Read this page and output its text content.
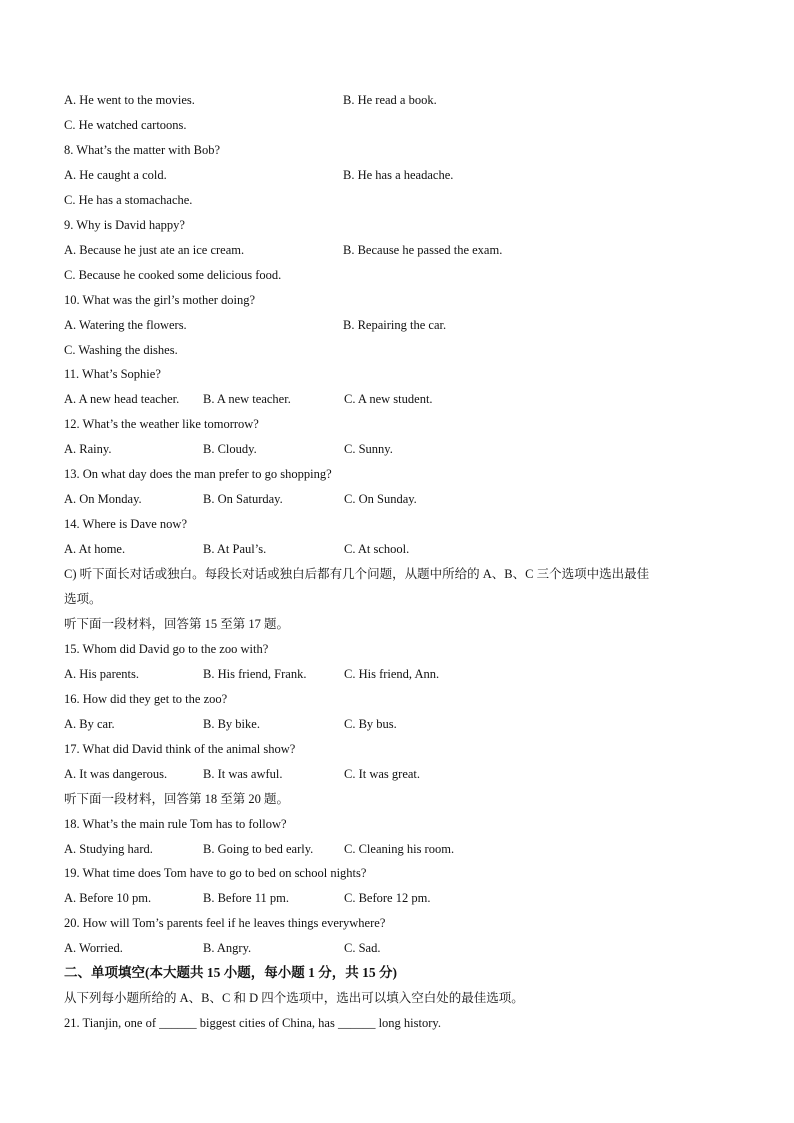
A. He went to the movies.	B. He read a book.
C. He watched cartoons.
8. What’s the matter with Bob?
A. He caught a cold.	B. He has a headache.
C. He has a stomachache.
9. Why is David happy?
A. Because he just ate an ice cream.	B. Because he passed the exam.
C. Because he cooked some delicious food.
10. What was the girl’s mother doing?
A. Watering the flowers.	B. Repairing the car.
C. Washing the dishes.
11. What’s Sophie?
A. A new head teacher. B. A new teacher.	C. A new student.
12. What’s the weather like tomorrow?
A. Rainy.	B. Cloudy.	C. Sunny.
13. On what day does the man prefer to go shopping?
A. On Monday.	B. On Saturday.	C. On Sunday.
14. Where is Dave now?
A. At home.	B. At Paul’s.	C. At school.
C) 听下面长对话或独白。每段长对话或独白后都有几个问题，从题中所给的 A、B、C 三个选项中选出最佳
选项。
听下面一段材料，回答第 15 至第 17 题。
15. Whom did David go to the zoo with?
A. His parents.	B. His friend, Frank.	C. His friend, Ann.
16. How did they get to the zoo?
A. By car.	B. By bike.	C. By bus.
17. What did David think of the animal show?
A. It was dangerous.	B. It was awful.	C. It was great.
听下面一段材料，回答第 18 至第 20 题。
18. What’s the main rule Tom has to follow?
A. Studying hard.	B. Going to bed early. C. Cleaning his room.
19. What time does Tom have to go to bed on school nights?
A. Before 10 pm.	B. Before 11 pm.	C. Before 12 pm.
20. How will Tom’s parents feel if he leaves things everywhere?
A. Worried.	B. Angry.	C. Sad.
二、单项填空(本大题共 15 小题，每小题 1 分，共 15 分)
从下列每小题所给的 A、B、C 和 D 四个选项中，选出可以填入空白处的最佳选项。
21. Tianjin, one of ______ biggest cities of China, has ______ long history.
